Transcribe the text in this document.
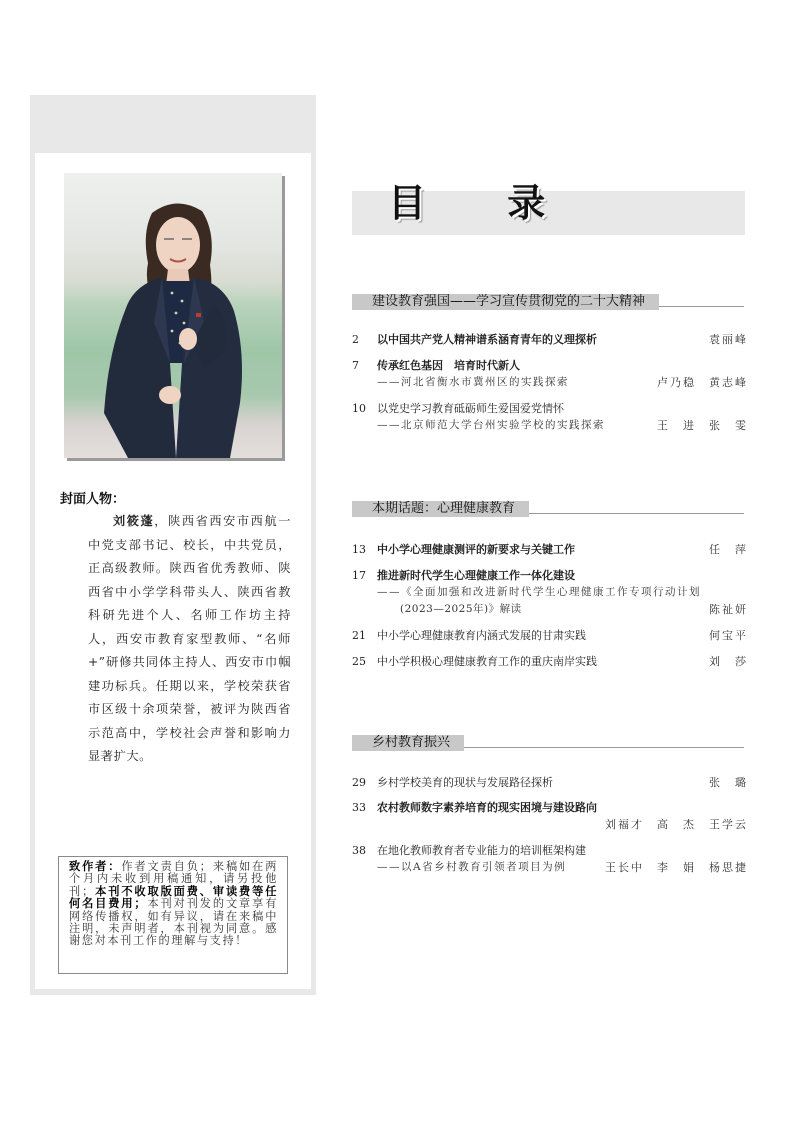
封面人物：
刘筱蓬，陕西省西安市西航一中党支部书记、校长，中共党员，正高级教师。陕西省优秀教师、陕西省中小学学科带头人、陕西省教科研先进个人、名师工作坊主持人，西安市教育家型教师、“名师+”研修共同体主持人、西安市巾帼建功标兵。任期以来，学校荣获省市区级十余项荣誉，被评为陕西省示范高中，学校社会声誉和影响力显著扩大。
致作者：作者文责自负；来稿如在两个月内未收到用稿通知，请另投他刊；本刊不收取版面费、审读费等任何名目费用；本刊对刊发的文章享有网络传播权，如有异议，请在来稿中注明，未声明者，本刊视为同意。感谢您对本刊工作的理解与支持！
目 录
建设教育强国——学习宣传贯彻党的二十大精神
2	以中国共产党人精神谱系涵育青年的义理探析	袁丽峰
7	传承红色基因　培育时代新人
——河北省衡水市冀州区的实践探索	卢乃稳　黄志峰
10	以党史学习教育砥砺师生爱国爱党情怀
——北京师范大学台州实验学校的实践探索	王　进　张　雯
本期话题：心理健康教育
13	中小学心理健康测评的新要求与关键工作	任　萍
17	推进新时代学生心理健康工作一体化建设
——《全面加强和改进新时代学生心理健康工作专项行动计划
(2023—2025年)》解读	陈祉妍
21	中小学心理健康教育内涵式发展的甘肃实践	何宝平
25	中小学积极心理健康教育工作的重庆南岸实践	刘　莎
乡村教育振兴
29	乡村学校美育的现状与发展路径探析	张　璐
33	农村教师数字素养培育的现实困境与建设路向
刘福才　高　杰　王学云
38	在地化教师教育者专业能力的培训框架构建
——以A省乡村教育引领者项目为例	王长中　李　娟　杨思捷
